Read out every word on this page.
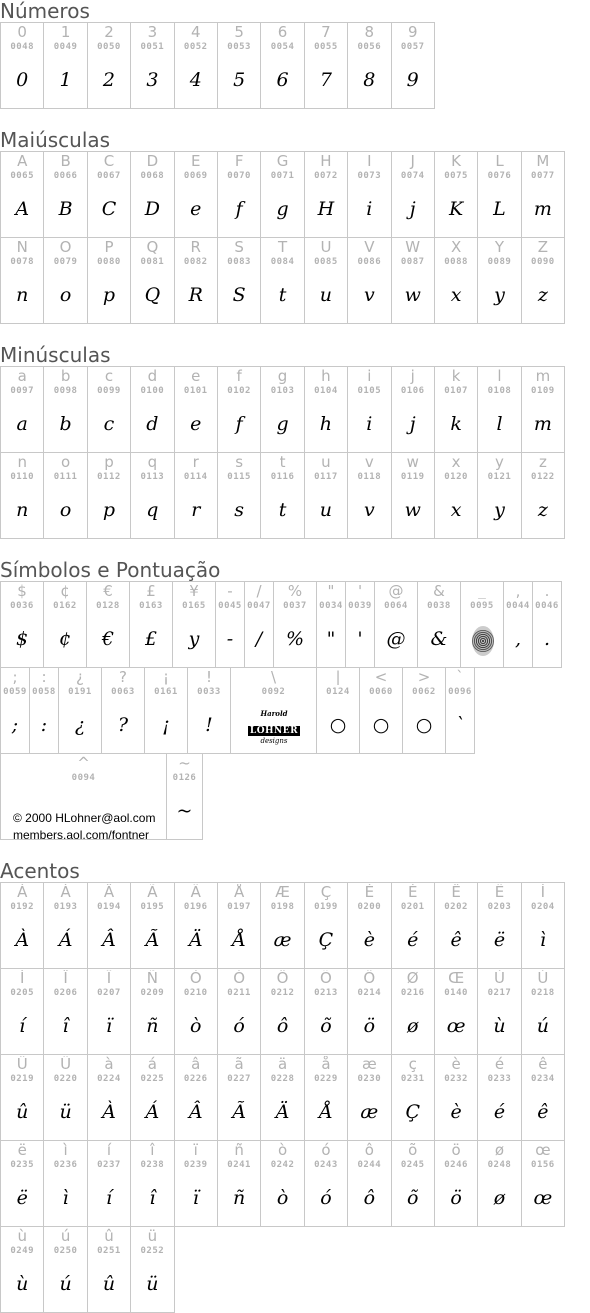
Números
0
0048
0
1
0049
1
2
0050
2
3
0051
3
4
0052
4
5
0053
5
6
0054
6
7
0055
7
8
0056
8
9
0057
9
Maiúsculas
A
0065
A
B
0066
B
C
0067
C
D
0068
D
E
0069
e
F
0070
f
G
0071
g
H
0072
H
I
0073
i
J
0074
j
K
0075
K
L
0076
L
M
0077
m
N
0078
n
O
0079
o
P
0080
p
Q
0081
Q
R
0082
R
S
0083
S
T
0084
t
U
0085
u
V
0086
v
W
0087
w
X
0088
x
Y
0089
y
Z
0090
z
Minúsculas
a
0097
a
b
0098
b
c
0099
c
d
0100
d
e
0101
e
f
0102
f
g
0103
g
h
0104
h
i
0105
i
j
0106
j
k
0107
k
l
0108
l
m
0109
m
n
0110
n
o
0111
o
p
0112
p
q
0113
q
r
0114
r
s
0115
s
t
0116
t
u
0117
u
v
0118
v
w
0119
w
x
0120
x
y
0121
y
z
0122
z
Símbolos e Pontuação
$
0036
$
¢
0162
¢
€
0128
€
£
0163
£
¥
0165
y
-
0045
-
/
0047
/
%
0037
%
"
0034
"
'
0039
'
@
0064
@
&
0038
&
_
0095
,
0044
,
.
0046
.
;
0059
;
:
0058
:
¿
0191
¿
?
0063
?
¡
0161
¡
!
0033
!
\
0092
Harold
LOHNER
designs
|
0124
○
<
0060
○
>
0062
○
`
0096
`
^
0094
© 2000 HLohner@aol.com
members.aol.com/fontner
~
0126
~
Acentos
À
0192
À
Á
0193
Á
Â
0194
Â
Ã
0195
Ã
Ä
0196
Ä
Å
0197
Å
Æ
0198
æ
Ç
0199
Ç
È
0200
è
É
0201
é
Ê
0202
ê
Ë
0203
ë
Ì
0204
ì
Í
0205
í
Î
0206
î
Ï
0207
ï
Ñ
0209
ñ
Ò
0210
ò
Ó
0211
ó
Ô
0212
ô
Õ
0213
õ
Ö
0214
ö
Ø
0216
ø
Œ
0140
œ
Ù
0217
ù
Ú
0218
ú
Û
0219
û
Ü
0220
ü
à
0224
À
á
0225
Á
â
0226
Â
ã
0227
Ã
ä
0228
Ä
å
0229
Å
æ
0230
æ
ç
0231
Ç
è
0232
è
é
0233
é
ê
0234
ê
ë
0235
ë
ì
0236
ì
í
0237
í
î
0238
î
ï
0239
ï
ñ
0241
ñ
ò
0242
ò
ó
0243
ó
ô
0244
ô
õ
0245
õ
ö
0246
ö
ø
0248
ø
œ
0156
œ
ù
0249
ù
ú
0250
ú
û
0251
û
ü
0252
ü
